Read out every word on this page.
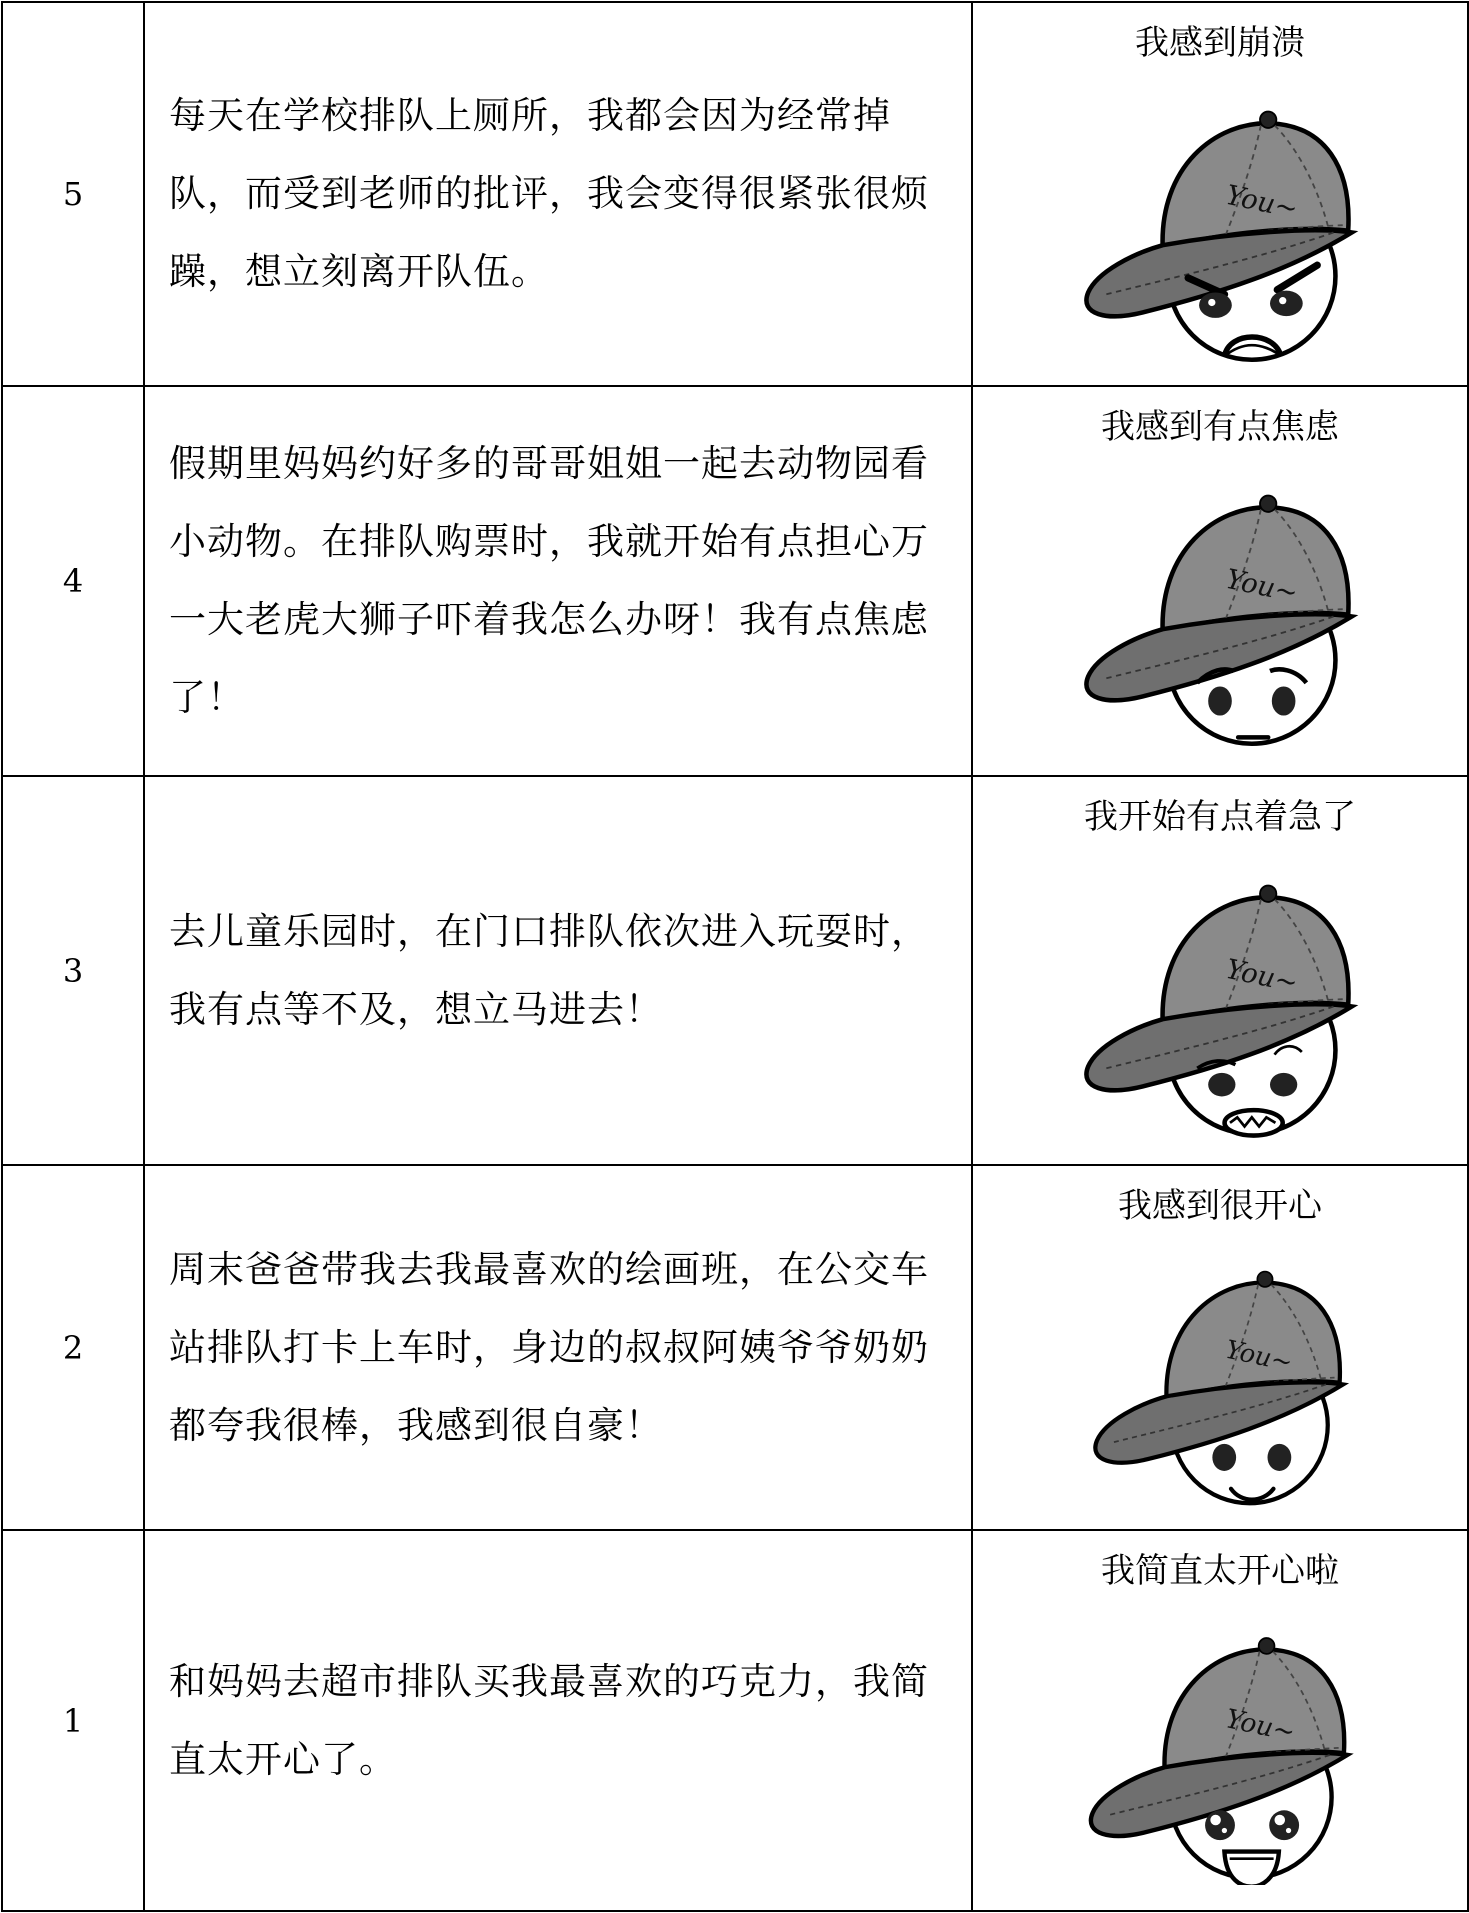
5	每天在学校排队上厕所，我都会因为经常掉队，而受到老师的批评，我会变得很紧张很烦躁，想立刻离开队伍。	我感到崩溃
You~

4	假期里妈妈约好多的哥哥姐姐一起去动物园看小动物。在排队购票时，我就开始有点担心万一大老虎大狮子吓着我怎么办呀！我有点焦虑了！	我感到有点焦虑
You~

3	去儿童乐园时，在门口排队依次进入玩耍时，我有点等不及，想立马进去！	我开始有点着急了
You~

2	周末爸爸带我去我最喜欢的绘画班，在公交车站排队打卡上车时，身边的叔叔阿姨爷爷奶奶都夸我很棒，我感到很自豪！	我感到很开心
You~

1	和妈妈去超市排队买我最喜欢的巧克力，我简直太开心了。	我简直太开心啦
You~
